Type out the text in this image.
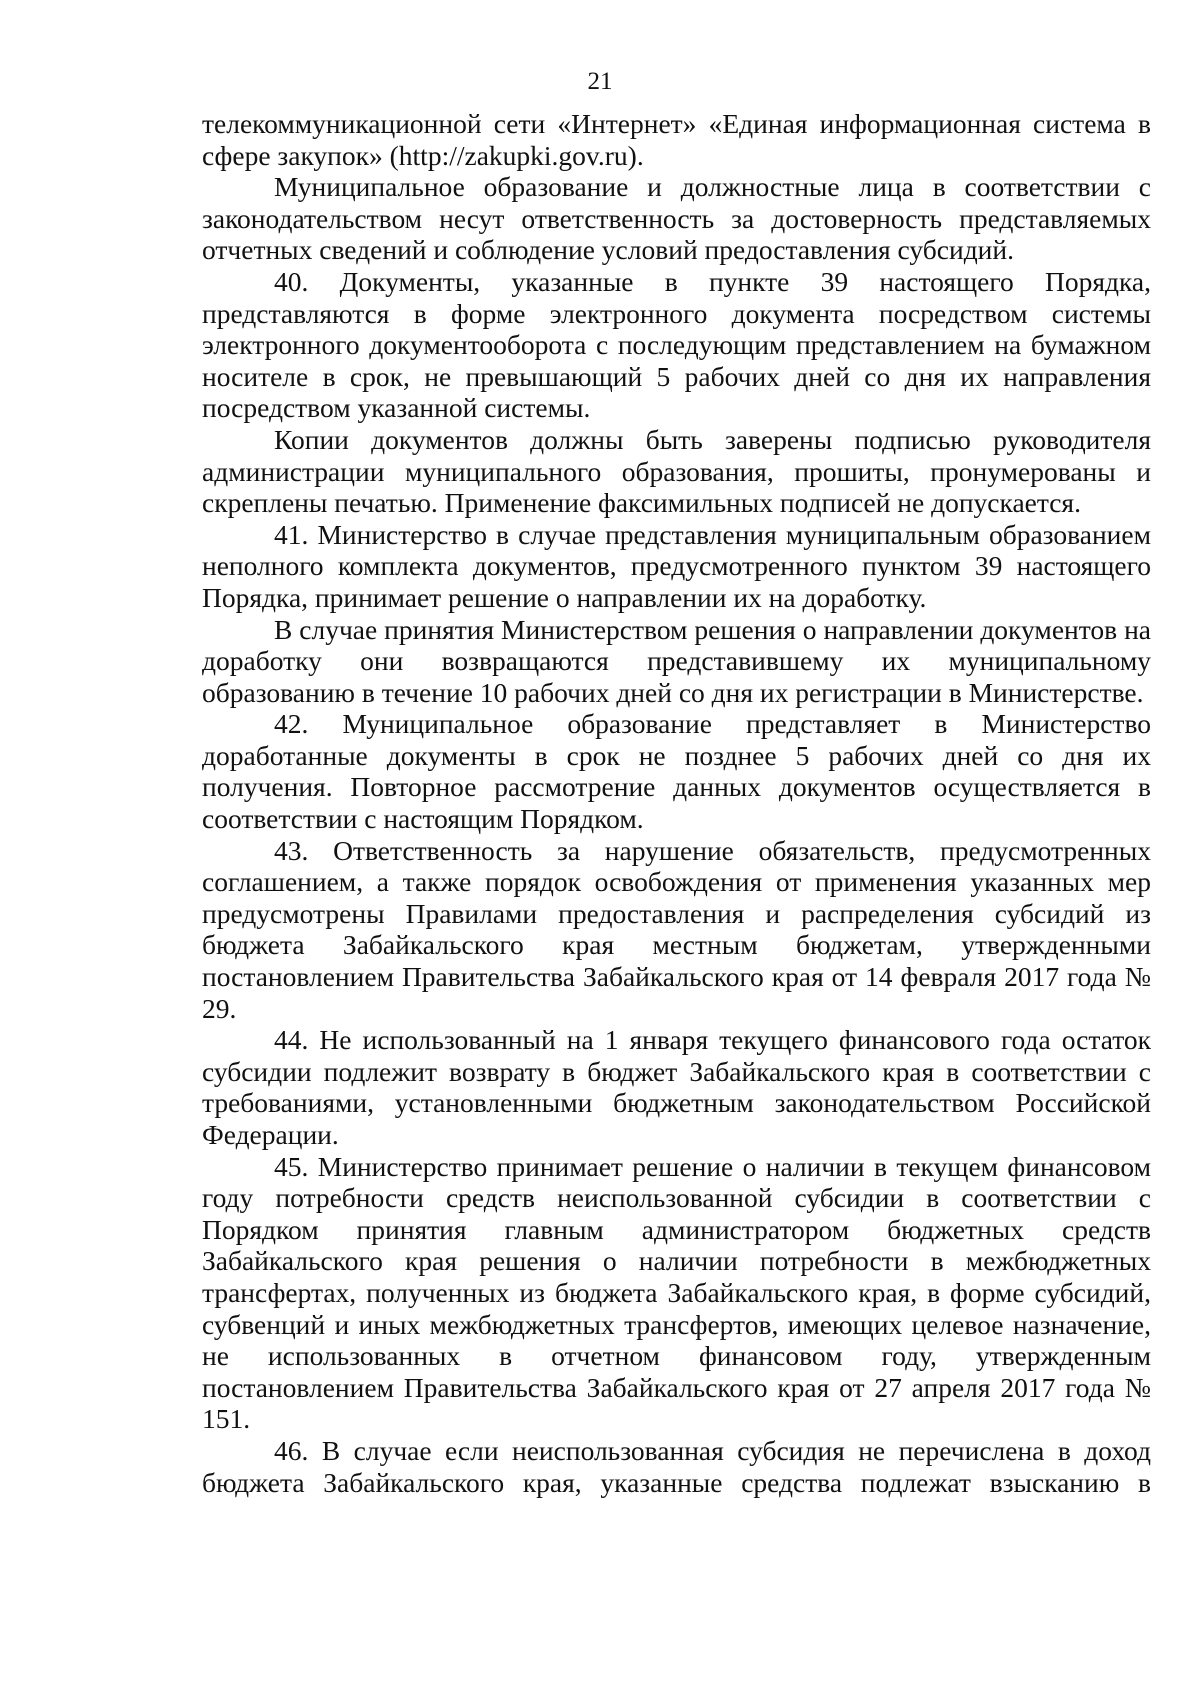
21

телекоммуникационной сети «Интернет» «Единая информационная система в сфере закупок» (http://zakupki.gov.ru).

Муниципальное образование и должностные лица в соответствии с законодательством несут ответственность за достоверность представляемых отчетных сведений и соблюдение условий предоставления субсидий.

40. Документы, указанные в пункте 39 настоящего Порядка, представляются в форме электронного документа посредством системы электронного документооборота с последующим представлением на бумажном носителе в срок, не превышающий 5 рабочих дней со дня их направления посредством указанной системы.

Копии документов должны быть заверены подписью руководителя администрации муниципального образования, прошиты, пронумерованы и скреплены печатью. Применение факсимильных подписей не допускается.

41. Министерство в случае представления муниципальным образованием неполного комплекта документов, предусмотренного пунктом 39 настоящего Порядка, принимает решение о направлении их на доработку.

В случае принятия Министерством решения о направлении документов на доработку они возвращаются представившему их муниципальному образованию в течение 10 рабочих дней со дня их регистрации в Министерстве.

42. Муниципальное образование представляет в Министерство доработанные документы в срок не позднее 5 рабочих дней со дня их получения. Повторное рассмотрение данных документов осуществляется в соответствии с настоящим Порядком.

43. Ответственность за нарушение обязательств, предусмотренных соглашением, а также порядок освобождения от применения указанных мер предусмотрены Правилами предоставления и распределения субсидий из бюджета Забайкальского края местным бюджетам, утвержденными постановлением Правительства Забайкальского края от 14 февраля 2017 года № 29.

44. Не использованный на 1 января текущего финансового года остаток субсидии подлежит возврату в бюджет Забайкальского края в соответствии с требованиями, установленными бюджетным законодательством Российской Федерации.

45. Министерство принимает решение о наличии в текущем финансовом году потребности средств неиспользованной субсидии в соответствии с Порядком принятия главным администратором бюджетных средств Забайкальского края решения о наличии потребности в межбюджетных трансфертах, полученных из бюджета Забайкальского края, в форме субсидий, субвенций и иных межбюджетных трансфертов, имеющих целевое назначение, не использованных в отчетном финансовом году, утвержденным постановлением Правительства Забайкальского края от 27 апреля 2017 года № 151.

46. В случае если неиспользованная субсидия не перечислена в доход бюджета Забайкальского края, указанные средства подлежат взысканию в
